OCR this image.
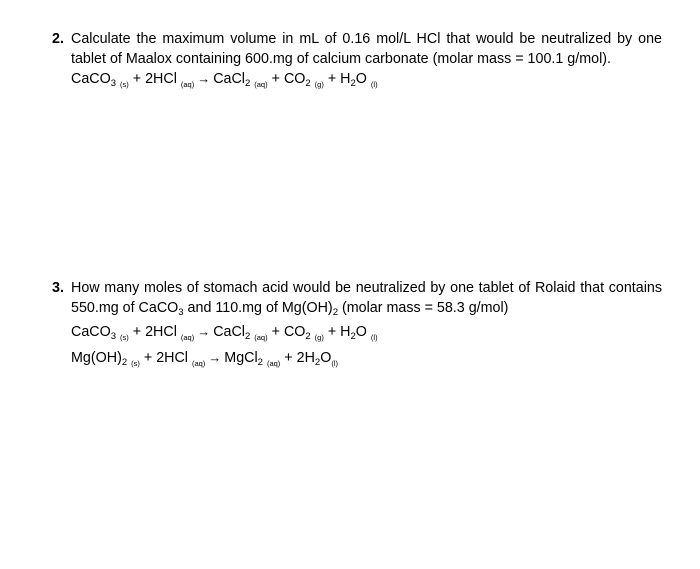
2. Calculate the maximum volume in mL of 0.16 mol/L HCl that would be neutralized by one
tablet of Maalox containing 600.mg of calcium carbonate (molar mass = 100.1 g/mol).
CaCO$_3$ $_{(s)}$ + 2HCl $_{(aq)}$ → CaCl$_2$ $_{(aq)} + CO_2$ $_{(g)} + H_2O$ $_{(l)}$
3. How many moles of stomach acid would be neutralized by one tablet of Rolaid that contains
550.mg of CaCO$_3$ and 110.mg of $Mg(OH)_2$ (molar mass = 58.3 g/mol)
CaCO$_3$ $_{(s)}$ + 2HCl $_{(aq)}$ → CaCl$_2$ $_{(aq)} + CO_2$ $_{(g)} + H_2O$ $_{(l)}$
$Mg(OH)_2$ $_{(s)}$ + 2HCl $_{(aq)}$ → MgCl$_2$ $_{(aq)} + 2H_2O_{(l)}$
